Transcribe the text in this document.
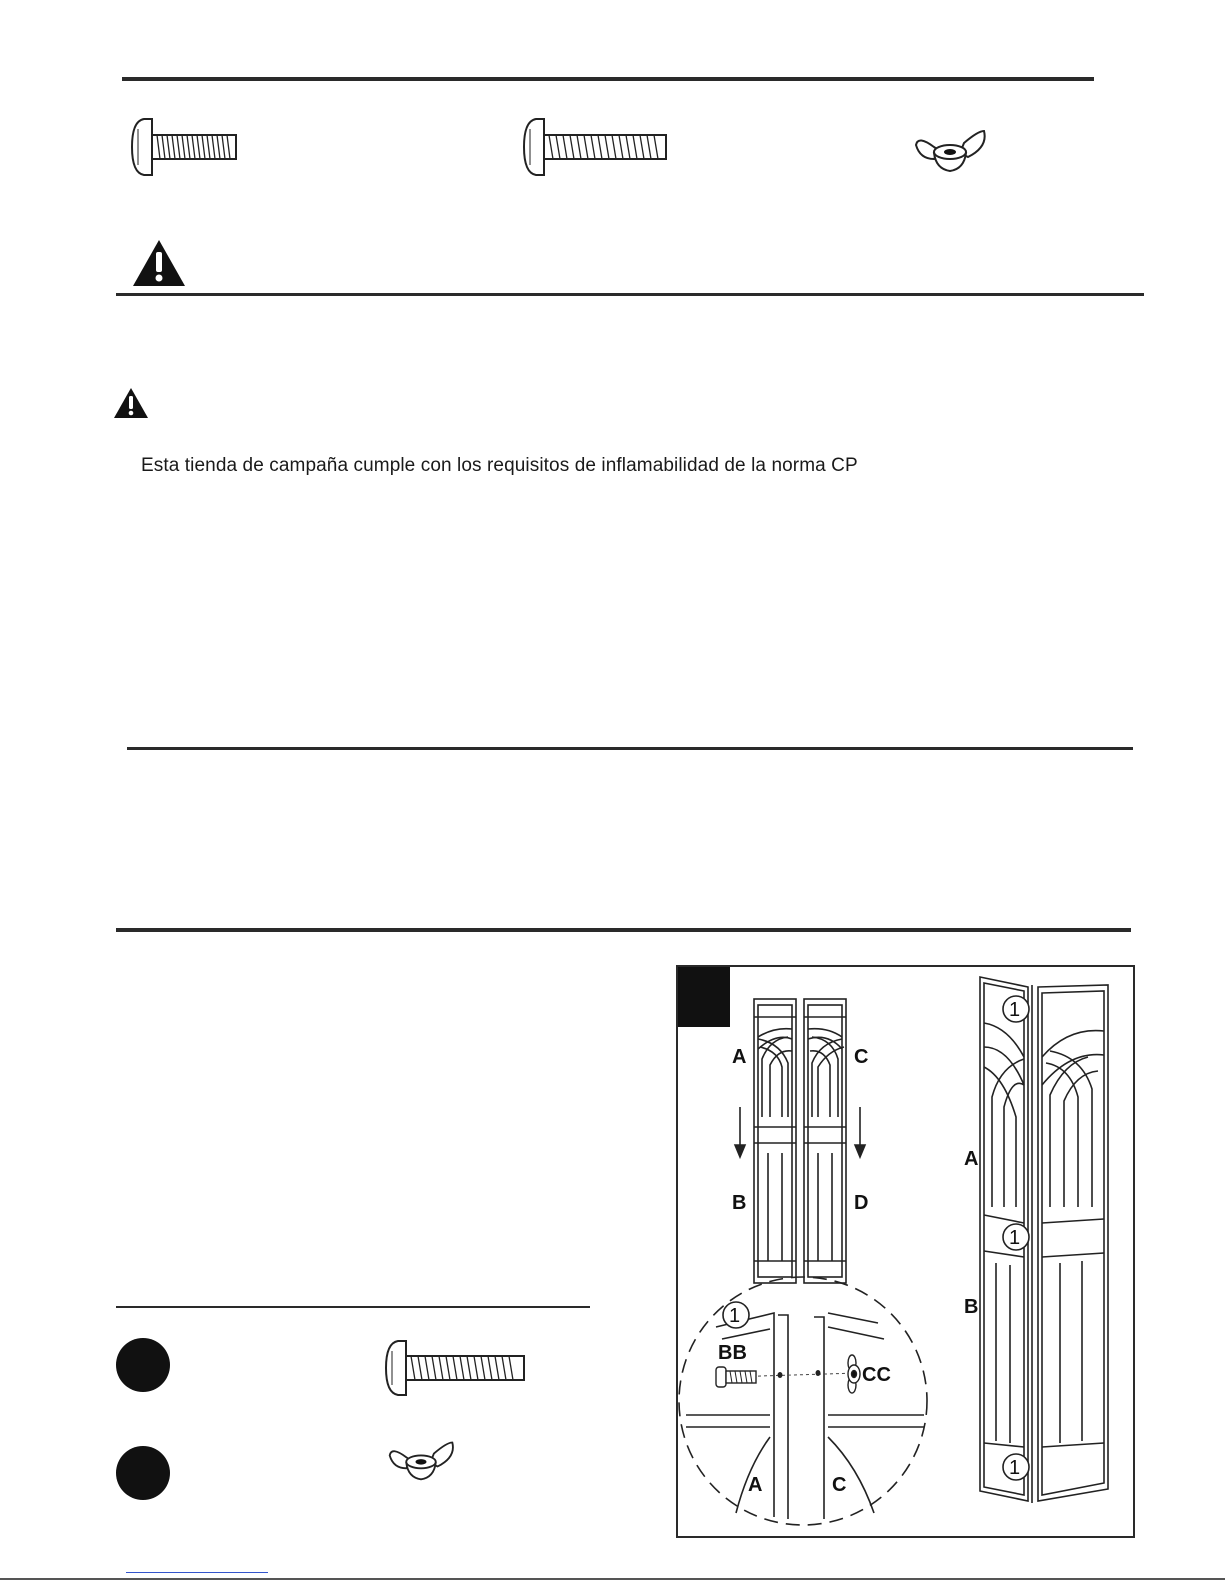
Esta tienda de campaña cumple con los requisitos de inflamabilidad de la norma CP
A	C
B	D
1
1
1
A
B
1
BB
CC
A	C
